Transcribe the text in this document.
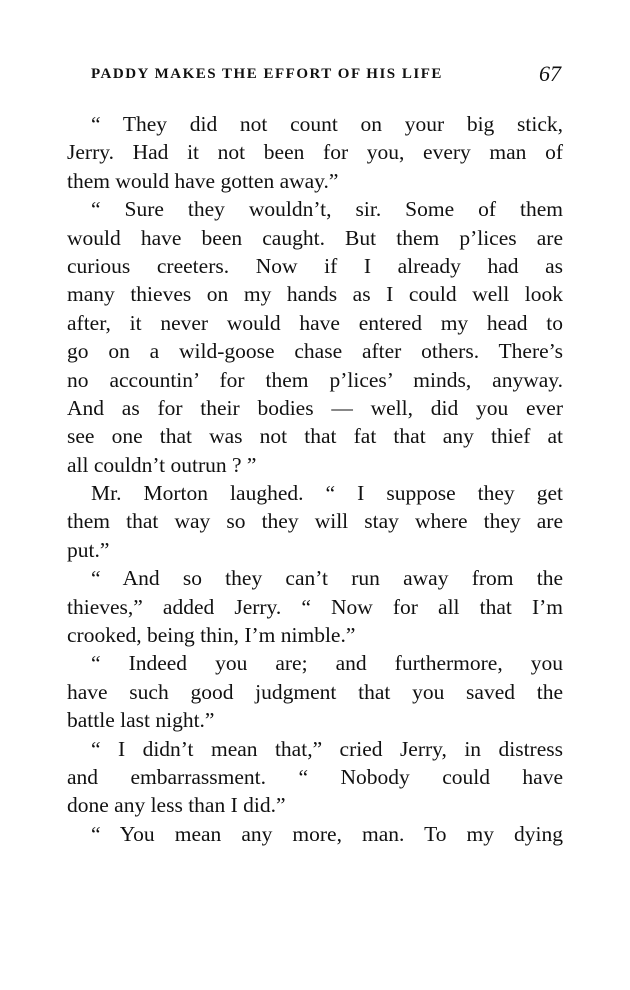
PADDY MAKES THE EFFORT OF HIS LIFE	67
“ They did not count on your big stick,
Jerry. Had it not been for you, every man of
them would have gotten away.”
“ Sure they wouldn’t, sir. Some of them
would have been caught. But them p’lices are
curious creeters. Now if I already had as
many thieves on my hands as I could well look
after, it never would have entered my head to
go on a wild-goose chase after others. There’s
no accountin’ for them p’lices’ minds, anyway.
And as for their bodies — well, did you ever
see one that was not that fat that any thief at
all couldn’t outrun ? ”
Mr. Morton laughed. “ I suppose they get
them that way so they will stay where they are
put.”
“ And so they can’t run away from the
thieves,” added Jerry. “ Now for all that I’m
crooked, being thin, I’m nimble.”
“ Indeed you are; and furthermore, you
have such good judgment that you saved the
battle last night.”
“ I didn’t mean that,” cried Jerry, in distress
and embarrassment. “ Nobody could have
done any less than I did.”
“ You mean any more, man. To my dying
